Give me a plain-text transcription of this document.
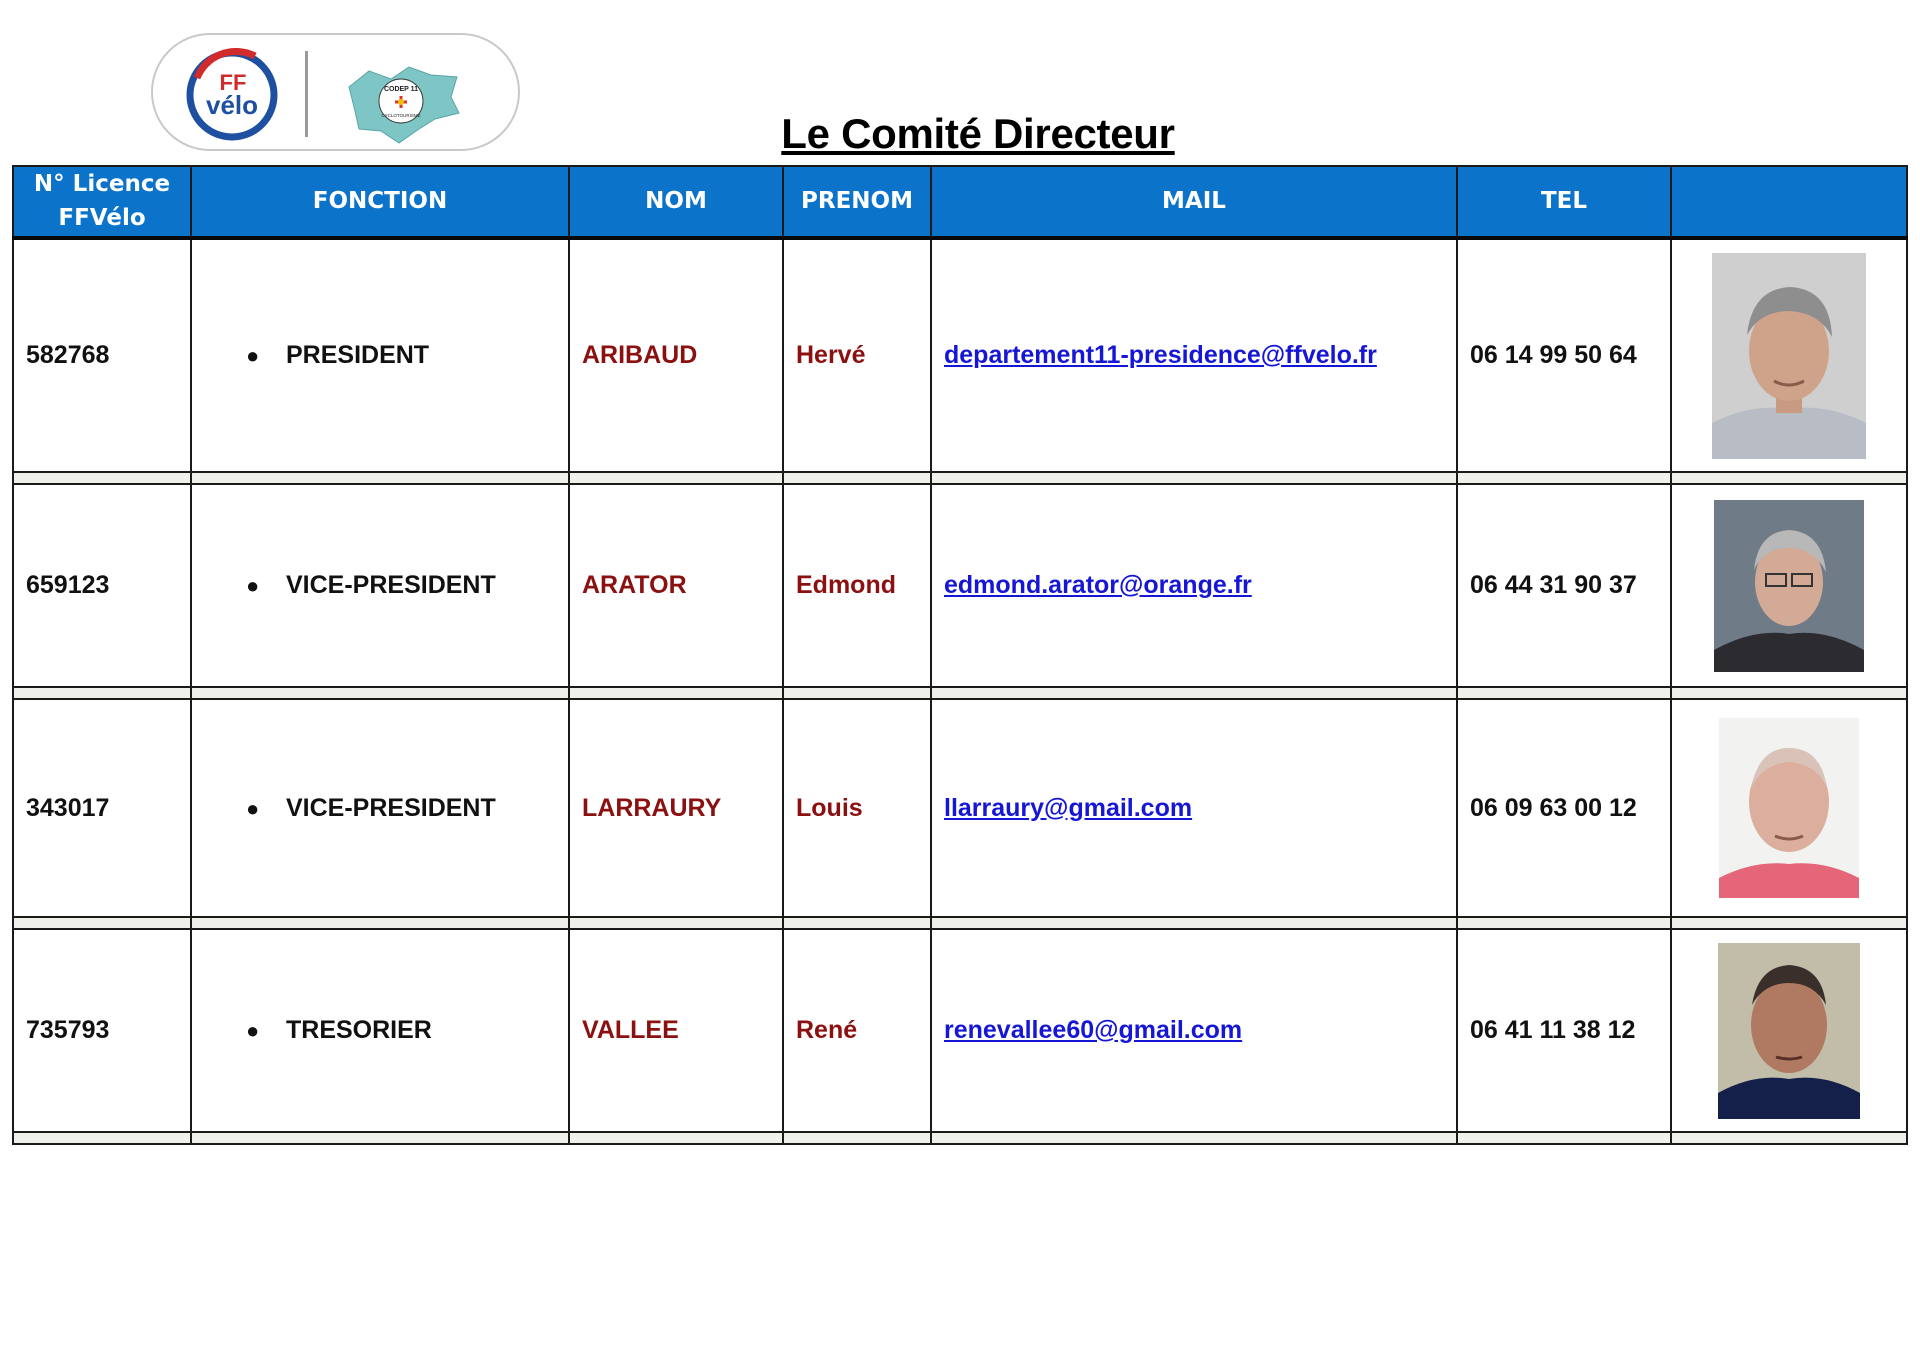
FF
vélo
CODEP 11
CYCLOTOURISME	Le Comité Directeur
N° Licence
FFVélo	FONCTION	NOM	PRENOM	MAIL	TEL	
582768	● PRESIDENT	ARIBAUD	Hervé	departement11-presidence@ffvelo.fr	06 14 99 50 64	

659123	● VICE-PRESIDENT	ARATOR	Edmond	edmond.arator@orange.fr	06 44 31 90 37	

343017	● VICE-PRESIDENT	LARRAURY	Louis	llarraury@gmail.com	06 09 63 00 12	

735793	● TRESORIER	VALLEE	René	renevallee60@gmail.com	06 41 11 38 12	
